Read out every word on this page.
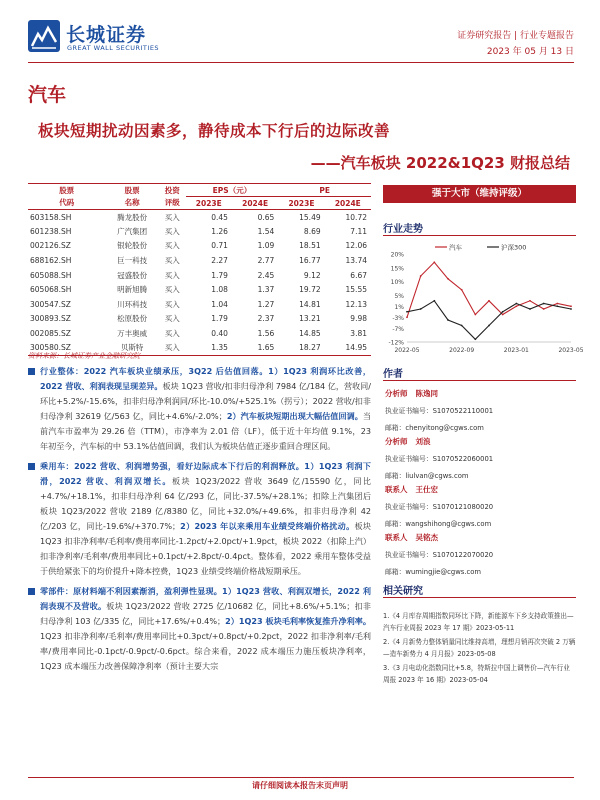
长城证券
GREAT WALL SECURITIES
证券研究报告 | 行业专题报告
2023 年 05 月 13 日
汽车
板块短期扰动因素多，静待成本下行后的边际改善
——汽车板块 2022&1Q23 财报总结
股票	股票	投资	EPS（元）		PE	
代码	名称	评级	2023E	2024E	2023E	2024E
603158.SH	腾龙股份	买入	0.45	0.65	15.49	10.72
601238.SH	广汽集团	买入	1.26	1.54	8.69	7.11
002126.SZ	银轮股份	买入	0.71	1.09	18.51	12.06
688162.SH	巨一科技	买入	2.27	2.77	16.77	13.74
605088.SH	冠盛股份	买入	1.79	2.45	9.12	6.67
605068.SH	明新旭腾	买入	1.08	1.37	19.72	15.55
300547.SZ	川环科技	买入	1.04	1.27	14.81	12.13
300893.SZ	松原股份	买入	1.79	2.37	13.21	9.98
002085.SZ	万丰奥威	买入	0.40	1.56	14.85	3.81
300580.SZ	贝斯特	买入	1.35	1.65	18.27	14.95
资料来源：长城证券产业金融研究院
强于大市（维持评级）
行业走势
20%
15%
10%
5%
1%
-3%
-7%
-12%
2022-05	2022-09	2023-01	2023-05
汽车	沪深300
作者
分析师 陈逸同
执业证书编号：S1070522110001
邮箱：chenyitong@cgws.com
分析师 刘浪
执业证书编号：S1070522060001
邮箱：liulvan@cgws.com
联系人 王仕宏
执业证书编号：S1070121080020
邮箱：wangshihong@cgws.com
联系人 吴铭杰
执业证书编号：S1070122070020
邮箱：wumingjie@cgws.com
相关研究

1.《4 月库存周期指数同环比下降，新能源车下乡支持政策推出—汽车行业周报 2023 年 17 期》2023-05-11

2.《4 月新势力整体销量同比维持高增，理想月销再次突破 2 万辆—造车新势力 4 月月报》2023-05-08

3.《3 月电动化指数同比+5.8，特斯拉中国上调售价—汽车行业周报 2023 年 16 期》2023-05-04

行业整体：2022 汽车板块业绩承压，3Q22 后估值回落。1）1Q23 利润环比改善，2022 营收、利润表现呈现差异。板块 1Q23 营收/扣非归母净利 7984 亿/184 亿，营收同/环比+5.2%/-15.6%，扣非归母净利润同/环比-10.0%/+525.1%（拐亏）；2022 营收/扣非归母净利 32619 亿/563 亿，同比+4.6%/-2.0%；2）汽车板块短期出现大幅估值回调。当前汽车市盈率为 29.26 倍（TTM），市净率为 2.01 倍（LF），低于近十年均值 9.1%，23 年初至今，汽车标的中 53.1%估值回调，我们认为板块估值正逐步重回合理区间。

乘用车：2022 营收、利润增势强，看好边际成本下行后的利润释放。1）1Q23 利润下滑，2022 营收、利润双增长。板块 1Q23/2022 营收 3649 亿/15590 亿，同比+4.7%/+18.1%，扣非归母净利 64 亿/293 亿，同比-37.5%/+28.1%；扣除上汽集团后板块 1Q23/2022 营收 2189 亿/8380 亿，同比+32.0%/+49.6%，扣非归母净利 42 亿/203 亿，同比-19.6%/+370.7%；2）2023 年以来乘用车业绩受终端价格扰动。板块 1Q23 扣非净利率/毛利率/费用率同比-1.2pct/+2.0pct/+1.9pct，板块 2022（扣除上汽）扣非净利率/毛利率/费用率同比+0.1pct/+2.8pct/-0.4pct。整体看，2022 乘用车整体受益于供给紧张下的均价提升+降本控费，1Q23 业绩受终端价格战短期承压。

零部件：原材料端不利因素渐消，盈利弹性显现。1）1Q23 营收、利润双增长，2022 利润表现不及营收。板块 1Q23/2022 营收 2725 亿/10682 亿，同比+8.6%/+5.1%；扣非归母净利 103 亿/335 亿，同比+17.6%/+0.4%；2）1Q23 板块毛利率恢复推升净利率。1Q23 扣非净利率/毛利率/费用率同比+0.3pct/+0.8pct/+0.2pct，2022 扣非净利率/毛利率/费用率同比-0.1pct/-0.9pct/-0.6pct。综合来看，2022 成本端压力施压板块净利率，1Q23 成本端压力改善保障净利率（预计主要大宗

请仔细阅读本报告末页声明
